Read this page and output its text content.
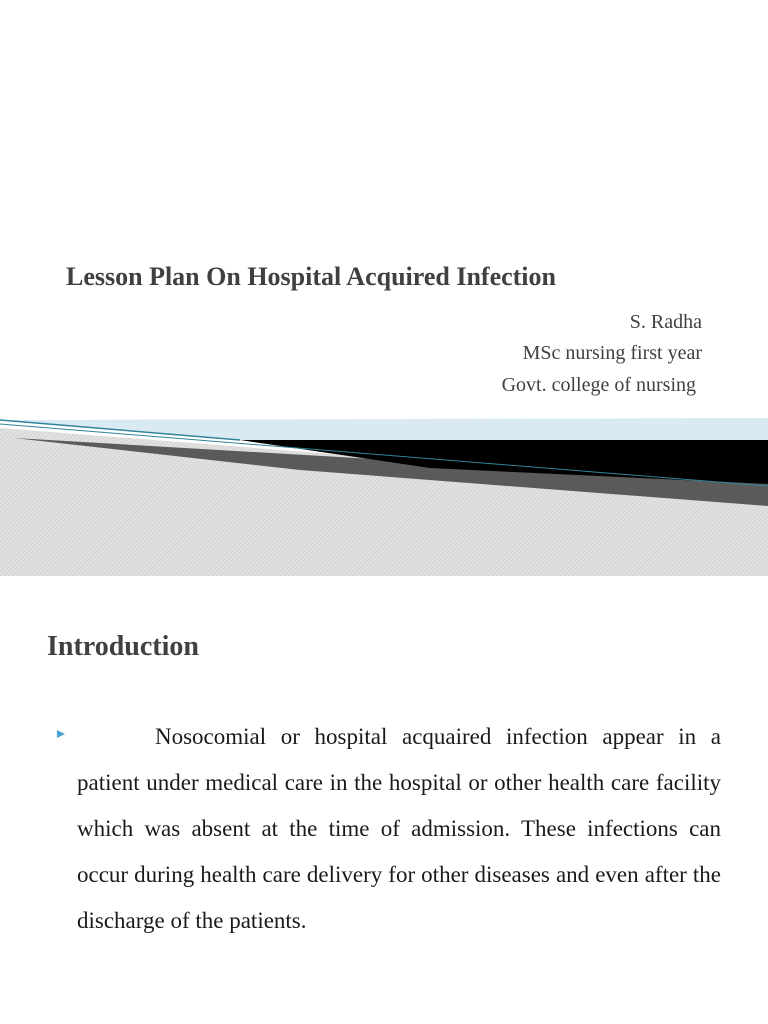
Lesson Plan On Hospital Acquired Infection

S. Radha

MSc nursing first year

Govt. college of nursing

Introduction

Nosocomial or hospital acquaired infection appear in a patient under medical care in the hospital or other health care facility which was absent at the time of admission. These infections can occur during health care delivery for other diseases and even after the discharge of the patients.
